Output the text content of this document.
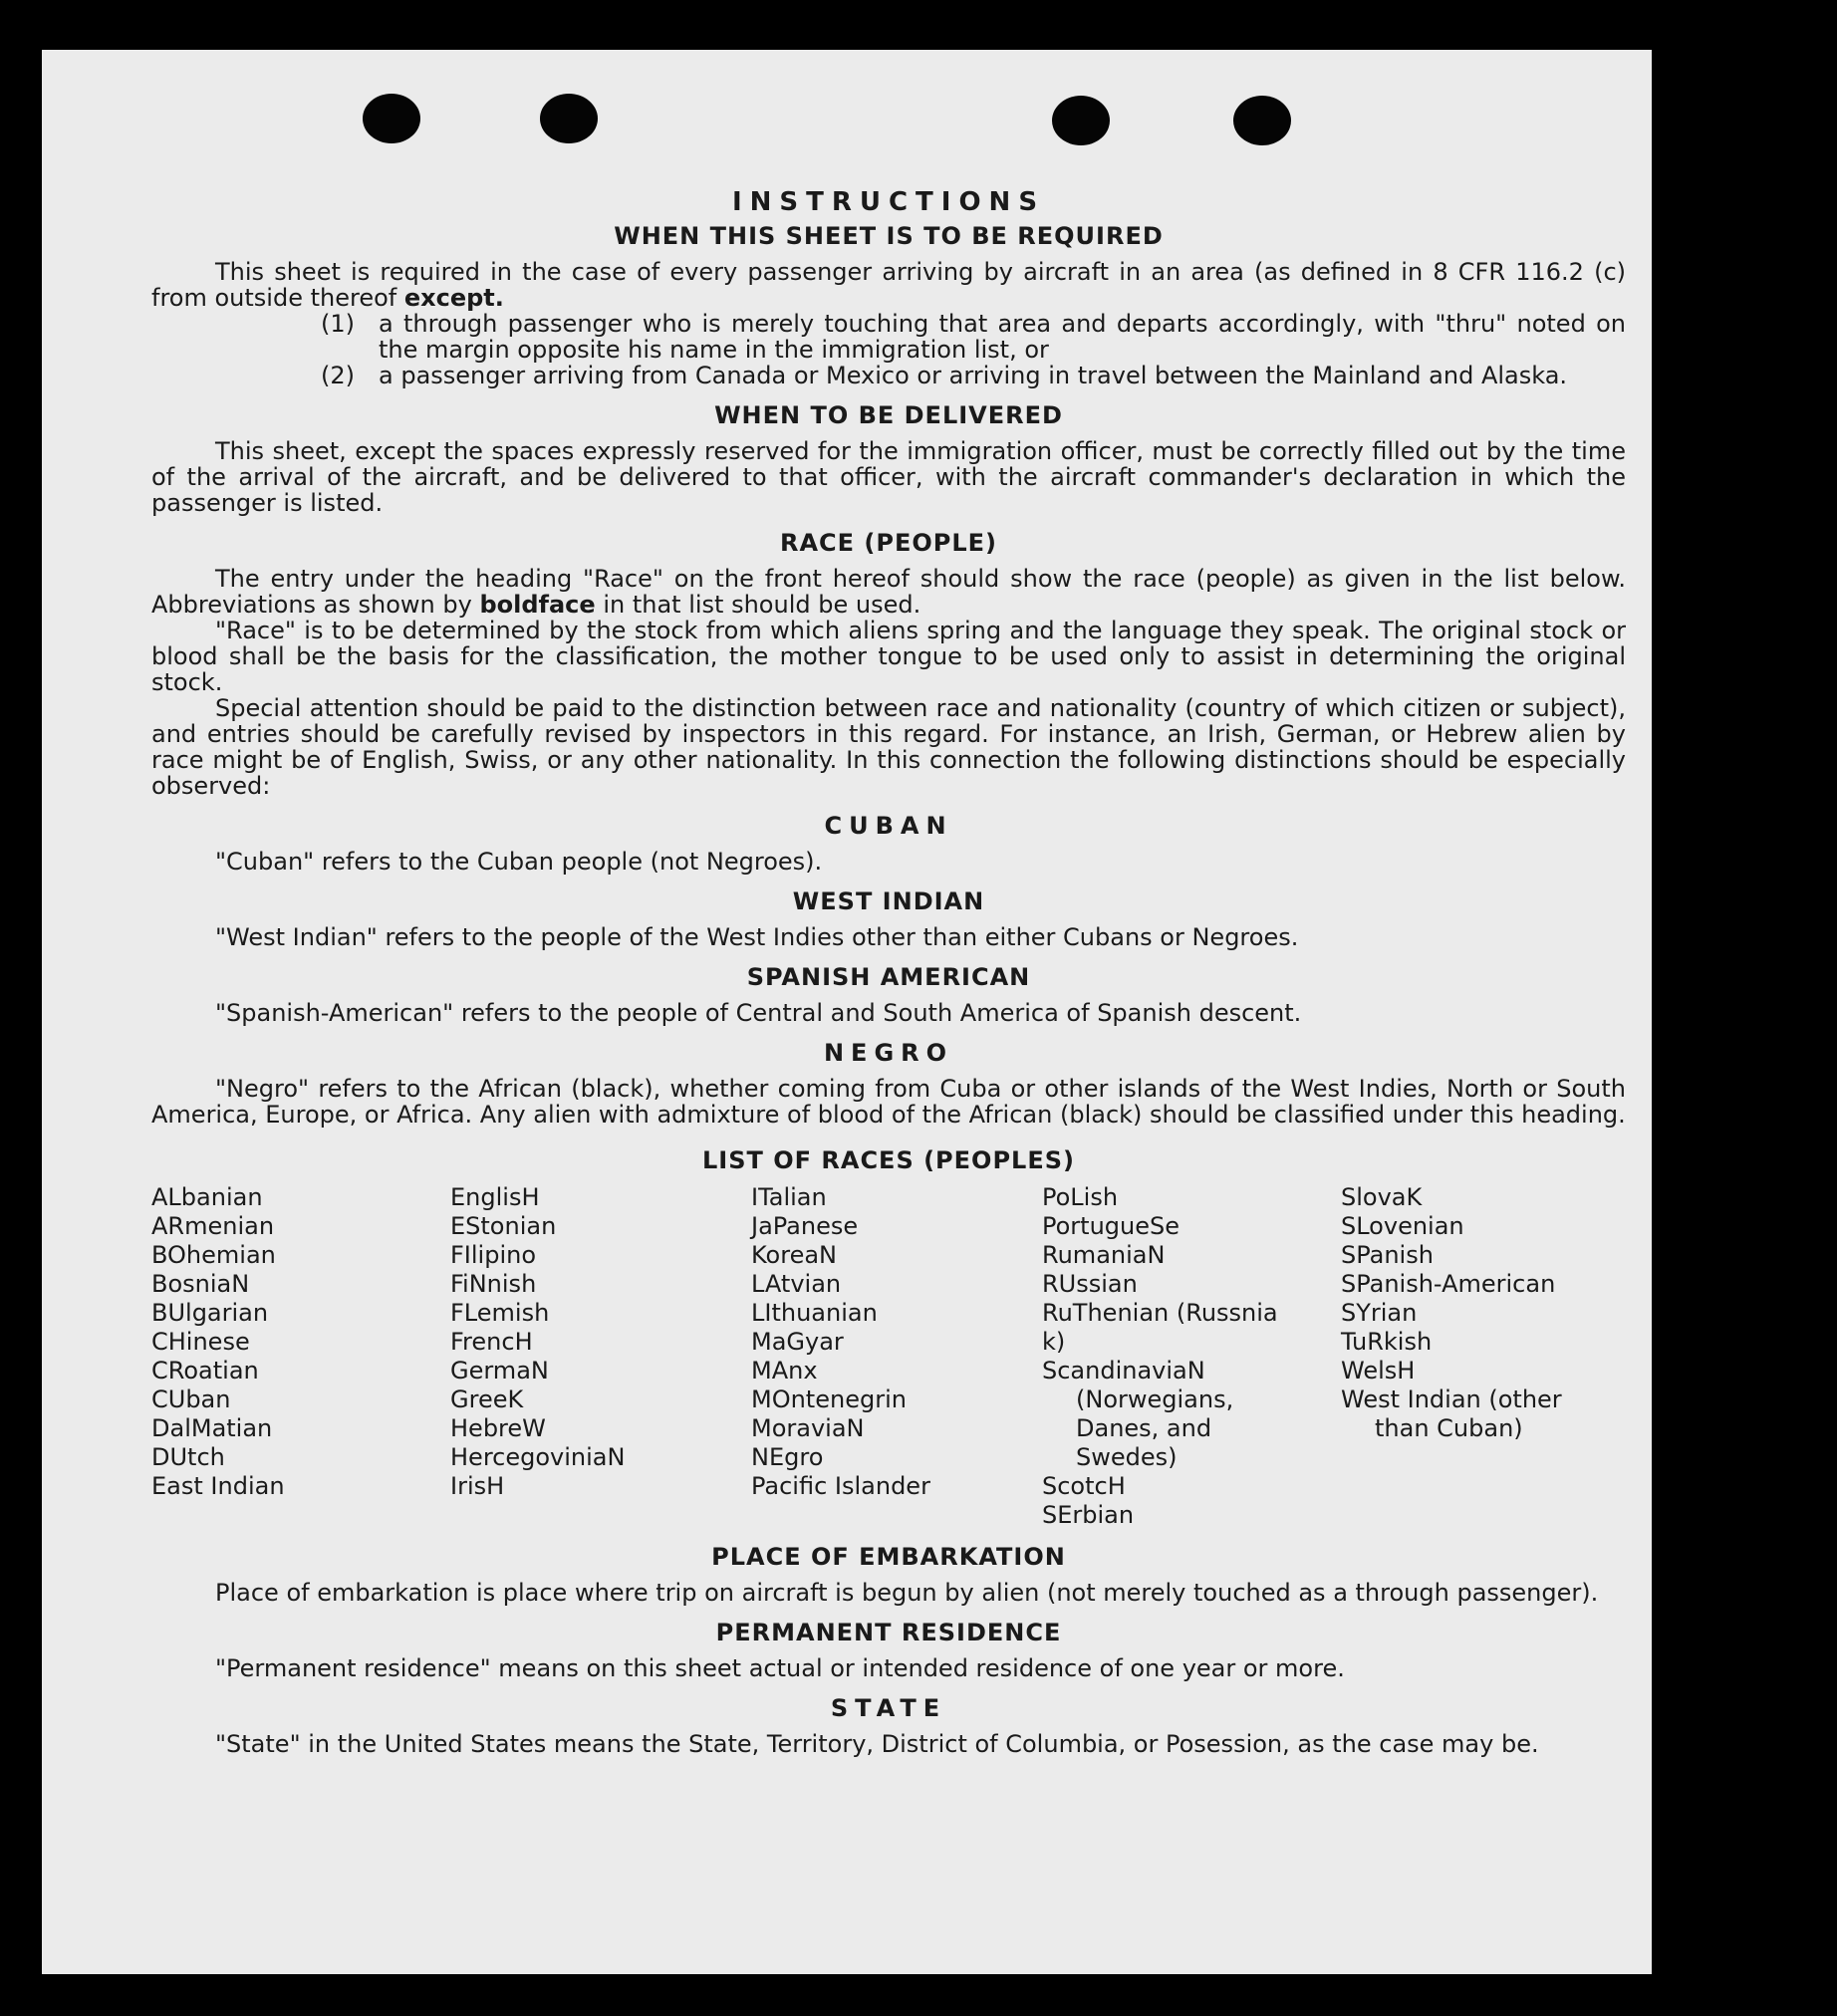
INSTRUCTIONS
WHEN THIS SHEET IS TO BE REQUIRED

This sheet is required in the case of every passenger arriving by aircraft in an area (as defined in 8 CFR 116.2 (c) from outside thereof except.

(1)	a through passenger who is merely touching that area and departs accordingly, with "thru" noted on the margin opposite his name in the immigration list, or
(2)	a passenger arriving from Canada or Mexico or arriving in travel between the Mainland and Alaska.
WHEN TO BE DELIVERED

This sheet, except the spaces expressly reserved for the immigration officer, must be correctly filled out by the time of the arrival of the aircraft, and be delivered to that officer, with the aircraft commander's declaration in which the passenger is listed.

RACE (PEOPLE)

The entry under the heading "Race" on the front hereof should show the race (people) as given in the list below. Abbreviations as shown by boldface in that list should be used.

"Race" is to be determined by the stock from which aliens spring and the language they speak. The original stock or blood shall be the basis for the classification, the mother tongue to be used only to assist in determining the original stock.

Special attention should be paid to the distinction between race and nationality (country of which citizen or subject), and entries should be carefully revised by inspectors in this regard. For instance, an Irish, German, or Hebrew alien by race might be of English, Swiss, or any other nationality. In this connection the following distinctions should be especially observed:

CUBAN

"Cuban" refers to the Cuban people (not Negroes).

WEST INDIAN

"West Indian" refers to the people of the West Indies other than either Cubans or Negroes.

SPANISH AMERICAN

"Spanish-American" refers to the people of Central and South America of Spanish descent.

NEGRO

"Negro" refers to the African (black), whether coming from Cuba or other islands of the West Indies, North or South America, Europe, or Africa. Any alien with admixture of blood of the African (black) should be classified under this heading.

LIST OF RACES (PEOPLES)
ALbanian
ARmenian
BOhemian
BosniaN
BUlgarian
CHinese
CRoatian
CUban
DalMatian
DUtch
East Indian
EnglisH
EStonian
FIlipino
FiNnish
FLemish
FrencH
GermaN
GreeK
HebreW
HercegoviniaN
IrisH
ITalian
JaPanese
KoreaN
LAtvian
LIthuanian
MaGyar
MAnx
MOntenegrin
MoraviaN
NEgro
Pacific Islander
PoLish
PortugueSe
RumaniaN
RUssian
RuThenian (Russnia k)
ScandinaviaN
(Norwegians,
Danes, and
Swedes)
ScotcH
SErbian
SlovaK
SLovenian
SPanish
SPanish-American
SYrian
TuRkish
WelsH
West Indian (other
than Cuban)
PLACE OF EMBARKATION

Place of embarkation is place where trip on aircraft is begun by alien (not merely touched as a through passenger).

PERMANENT RESIDENCE

"Permanent residence" means on this sheet actual or intended residence of one year or more.

STATE

"State" in the United States means the State, Territory, District of Columbia, or Posession, as the case may be.
